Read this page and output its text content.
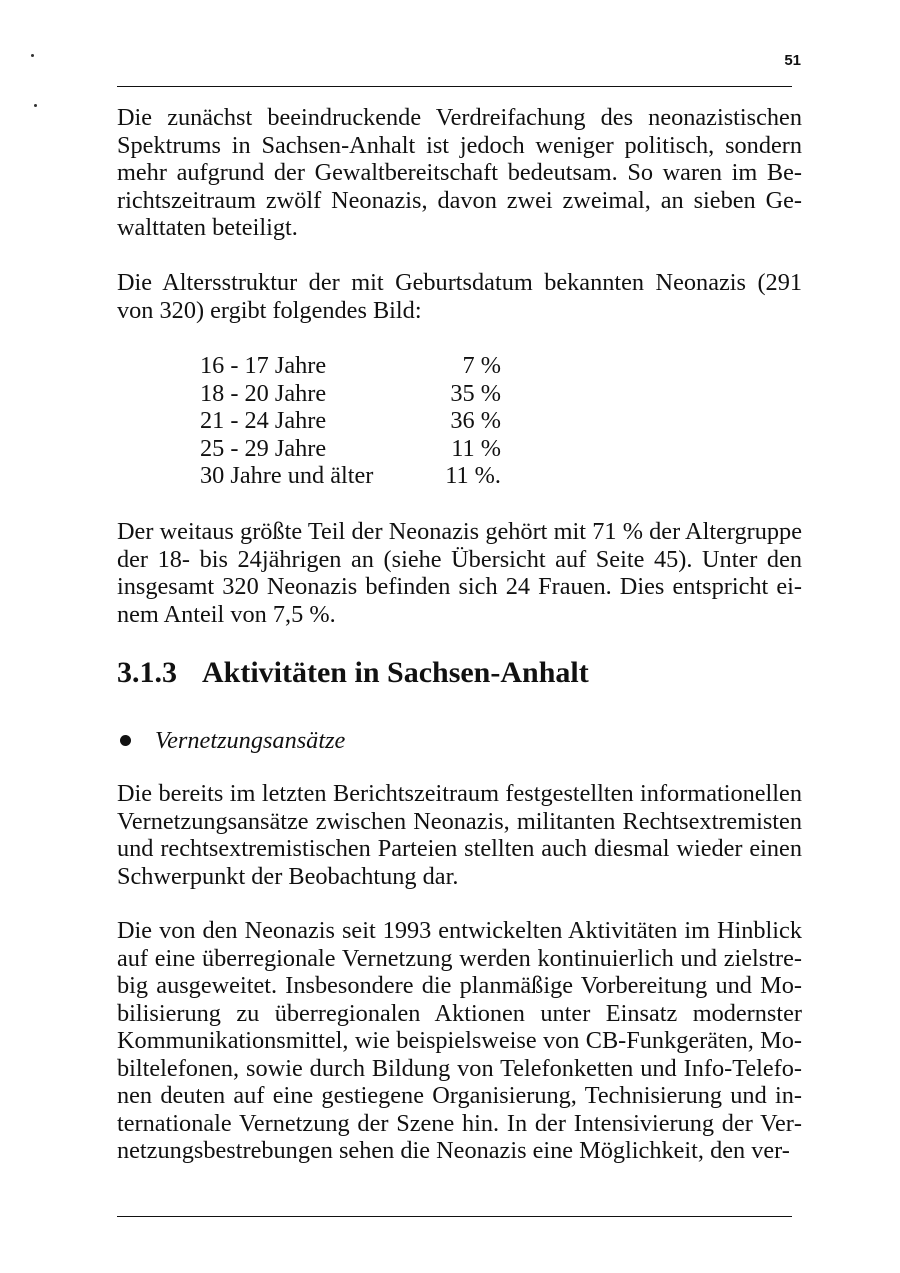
51

Die zunächst beeindruckende Verdreifachung des neonazistischen Spektrums in Sachsen-Anhalt ist jedoch weniger politisch, sondern mehr aufgrund der Gewaltbereitschaft bedeutsam. So waren im Berichtszeitraum zwölf Neonazis, davon zwei zweimal, an sieben Gewalttaten beteiligt.

Die Altersstruktur der mit Geburtsdatum bekannten Neonazis (291 von 320) ergibt folgendes Bild:

16 - 17 Jahre	7 %
18 - 20 Jahre	35 %
21 - 24 Jahre	36 %
25 - 29 Jahre	11 %
30 Jahre und älter	11 %.

Der weitaus größte Teil der Neonazis gehört mit 71 % der Altergruppe der 18- bis 24jährigen an (siehe Übersicht auf Seite 45). Unter den insgesamt 320 Neonazis befinden sich 24 Frauen. Dies entspricht einem Anteil von 7,5 %.

3.1.3 Aktivitäten in Sachsen-Anhalt
Vernetzungsansätze

Die bereits im letzten Berichtszeitraum festgestellten informationellen Vernetzungsansätze zwischen Neonazis, militanten Rechtsextremisten und rechtsextremistischen Parteien stellten auch diesmal wieder einen Schwerpunkt der Beobachtung dar.

Die von den Neonazis seit 1993 entwickelten Aktivitäten im Hinblick auf eine überregionale Vernetzung werden kontinuierlich und zielstrebig ausgeweitet. Insbesondere die planmäßige Vorbereitung und Mobilisierung zu überregionalen Aktionen unter Einsatz modernster Kommunikationsmittel, wie beispielsweise von CB-Funkgeräten, Mobiltelefonen, sowie durch Bildung von Telefonketten und Info-Telefonen deuten auf eine gestiegene Organisierung, Technisierung und internationale Vernetzung der Szene hin. In der Intensivierung der Vernetzungsbestrebungen sehen die Neonazis eine Möglichkeit, den ver-
